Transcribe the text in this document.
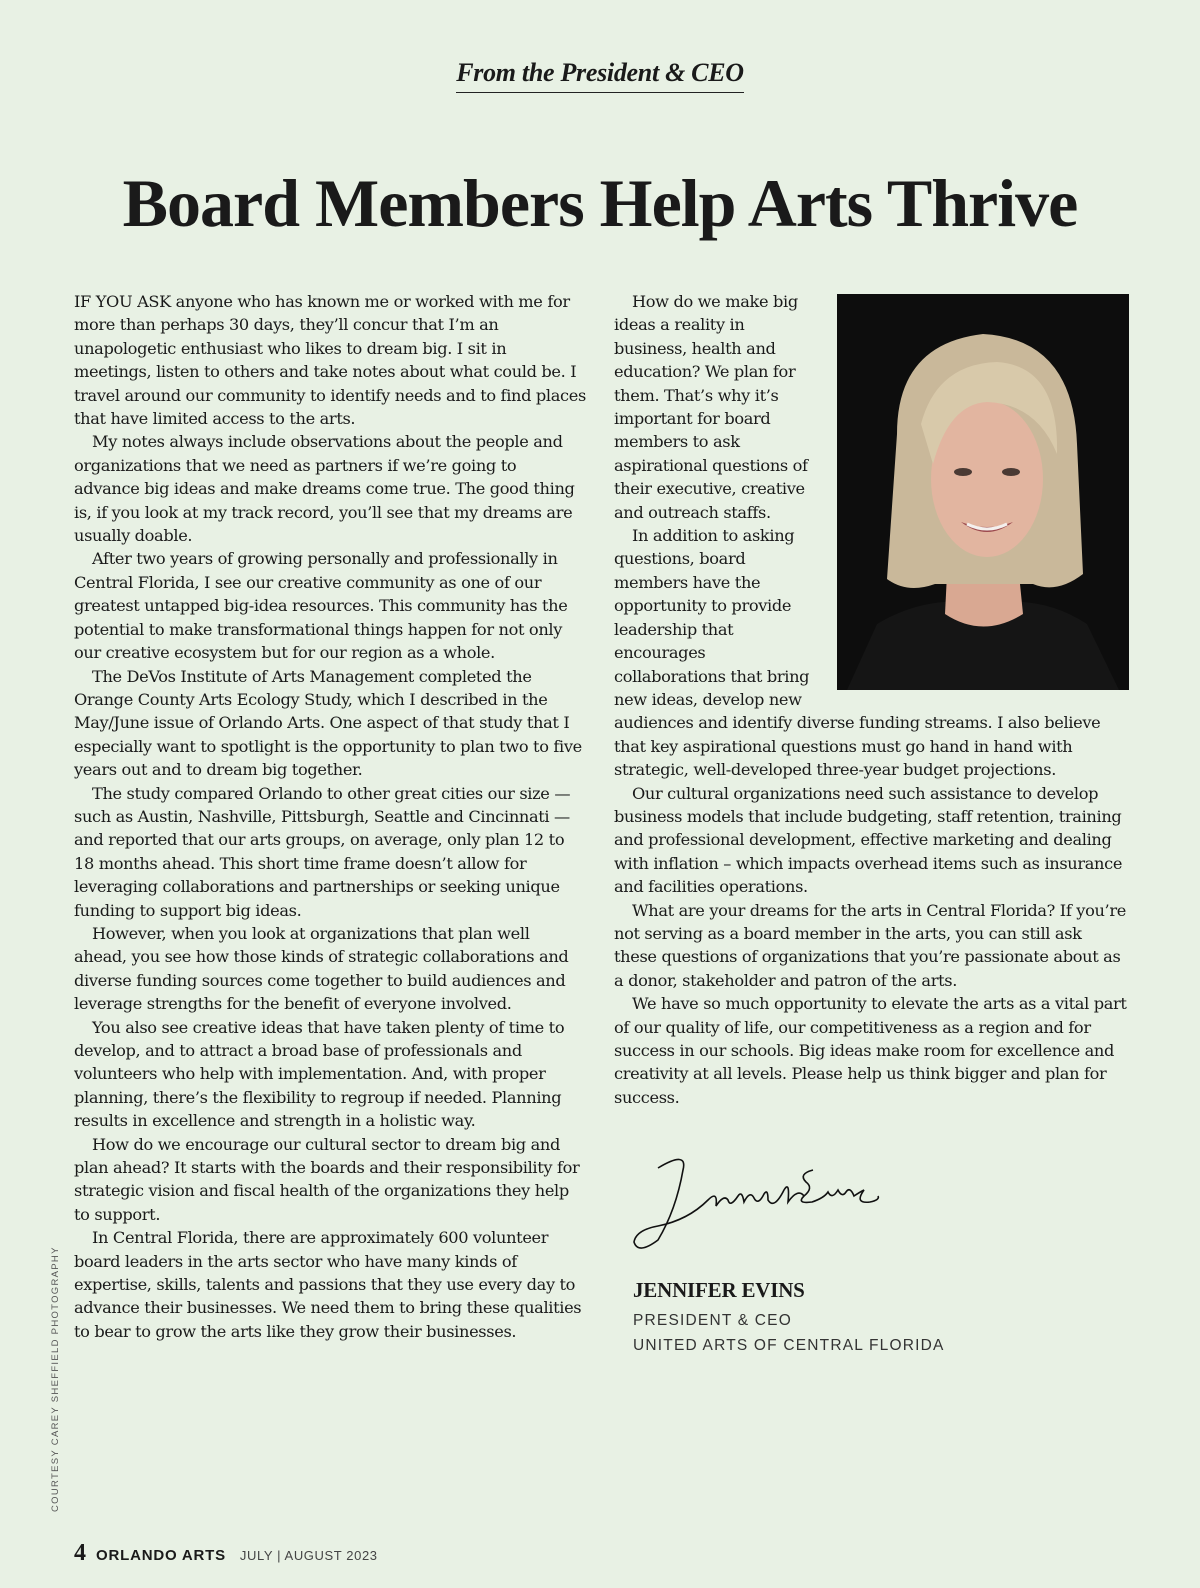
From the President & CEO
Board Members Help Arts Thrive

IF YOU ASK anyone who has known me or worked with me for more than perhaps 30 days, they’ll concur that I’m an unapologetic enthusiast who likes to dream big. I sit in meetings, listen to others and take notes about what could be. I travel around our community to identify needs and to find places that have limited access to the arts.

My notes always include observations about the people and organizations that we need as partners if we’re going to advance big ideas and make dreams come true. The good thing is, if you look at my track record, you’ll see that my dreams are usually doable.

After two years of growing personally and professionally in Central Florida, I see our creative community as one of our greatest untapped big-idea resources. This community has the potential to make transformational things happen for not only our creative ecosystem but for our region as a whole.

The DeVos Institute of Arts Management completed the Orange County Arts Ecology Study, which I described in the May/June issue of Orlando Arts. One aspect of that study that I especially want to spotlight is the opportunity to plan two to five years out and to dream big together.

The study compared Orlando to other great cities our size — such as Austin, Nashville, Pittsburgh, Seattle and Cincinnati — and reported that our arts groups, on average, only plan 12 to 18 months ahead. This short time frame doesn’t allow for leveraging collaborations and partnerships or seeking unique funding to support big ideas.

However, when you look at organizations that plan well ahead, you see how those kinds of strategic collaborations and diverse funding sources come together to build audiences and leverage strengths for the benefit of everyone involved.

You also see creative ideas that have taken plenty of time to develop, and to attract a broad base of professionals and volunteers who help with implementation. And, with proper planning, there’s the flexibility to regroup if needed. Planning results in excellence and strength in a holistic way.

How do we encourage our cultural sector to dream big and plan ahead? It starts with the boards and their responsibility for strategic vision and fiscal health of the organizations they help to support.

In Central Florida, there are approximately 600 volunteer board leaders in the arts sector who have many kinds of expertise, skills, talents and passions that they use every day to advance their businesses. We need them to bring these qualities to bear to grow the arts like they grow their businesses.

How do we make big ideas a reality in business, health and education? We plan for them. That’s why it’s important for board members to ask aspirational questions of their executive, creative and outreach staffs.

In addition to asking questions, board members have the opportunity to provide leadership that encourages collaborations that bring new ideas, develop new audiences and identify diverse funding streams. I also believe that key aspirational questions must go hand in hand with strategic, well-developed three-year budget projections.

Our cultural organizations need such assistance to develop business models that include budgeting, staff retention, training and professional development, effective marketing and dealing with inflation – which impacts overhead items such as insurance and facilities operations.

What are your dreams for the arts in Central Florida? If you’re not serving as a board member in the arts, you can still ask these questions of organizations that you’re passionate about as a donor, stakeholder and patron of the arts.

We have so much opportunity to elevate the arts as a vital part of our quality of life, our competitiveness as a region and for success in our schools. Big ideas make room for excellence and creativity at all levels. Please help us think bigger and plan for success.

JENNIFER EVINS
PRESIDENT & CEO
UNITED ARTS OF CENTRAL FLORIDA
COURTESY CAREY SHEFFIELD PHOTOGRAPHY
4 ORLANDO ARTS JULY | AUGUST 2023
